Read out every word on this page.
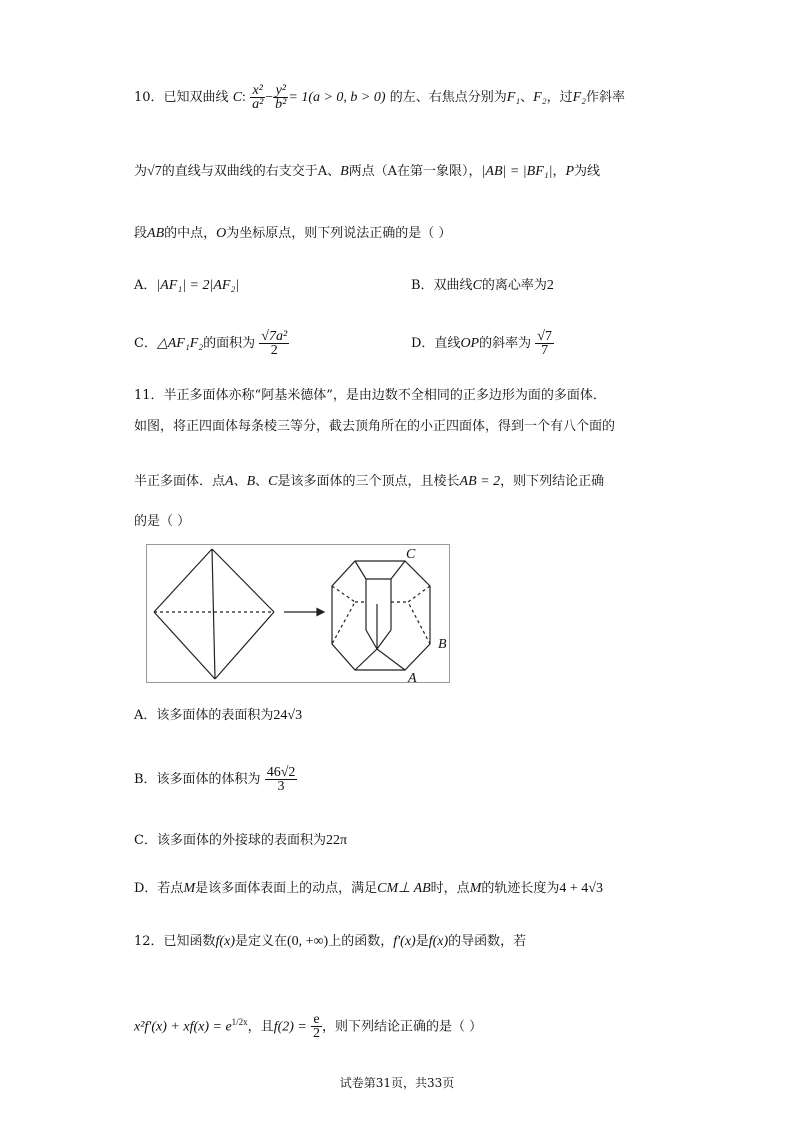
10．已知双曲线 C: $\frac{\text{x²}}{\text{a²}} - \frac{\text{y²}}{\text{b²}} = 1(a > 0$, b > 0) 的左、右焦点分别为F₁、F₂，过F₂作斜率
为√7的直线与双曲线的右支交于A、B两点（A在第一象限），|AB| = |BF₁|，P为线
段AB的中点，O为坐标原点，则下列说法正确的是（ ）
A．|AF₁| = 2|AF₂|	B．双曲线C的离心率为2
C．△AF₁F₂的面积为 $\frac{\text{√7a²}}{2}$	D．直线OP的斜率为 $\frac{√7}{7}$
11．半正多面体亦称“阿基米德体”，是由边数不全相同的正多边形为面的多面体．
如图，将正四面体每条棱三等分，截去顶角所在的小正四面体，得到一个有八个面的
半正多面体．点A、B、C是该多面体的三个顶点，且棱长AB = 2，则下列结论正确
的是（ ）
C
B
A
A．该多面体的表面积为24√3
B．该多面体的体积为 $\frac{46√2}{3}$
C．该多面体的外接球的表面积为22π
D．若点M是该多面体表面上的动点，满足CM⊥ AB时，点M的轨迹长度为4 + 4√3
12．已知函数f(x)是定义在(0, +∞)上的函数，f′(x)是f(x)的导函数，若
$x^2f'(x) + xf(x) = e^{1/2x}$，且$f(2) = \frac{e}{2}$ ，则下列结论正确的是（ ）
试卷第31页，共33页
